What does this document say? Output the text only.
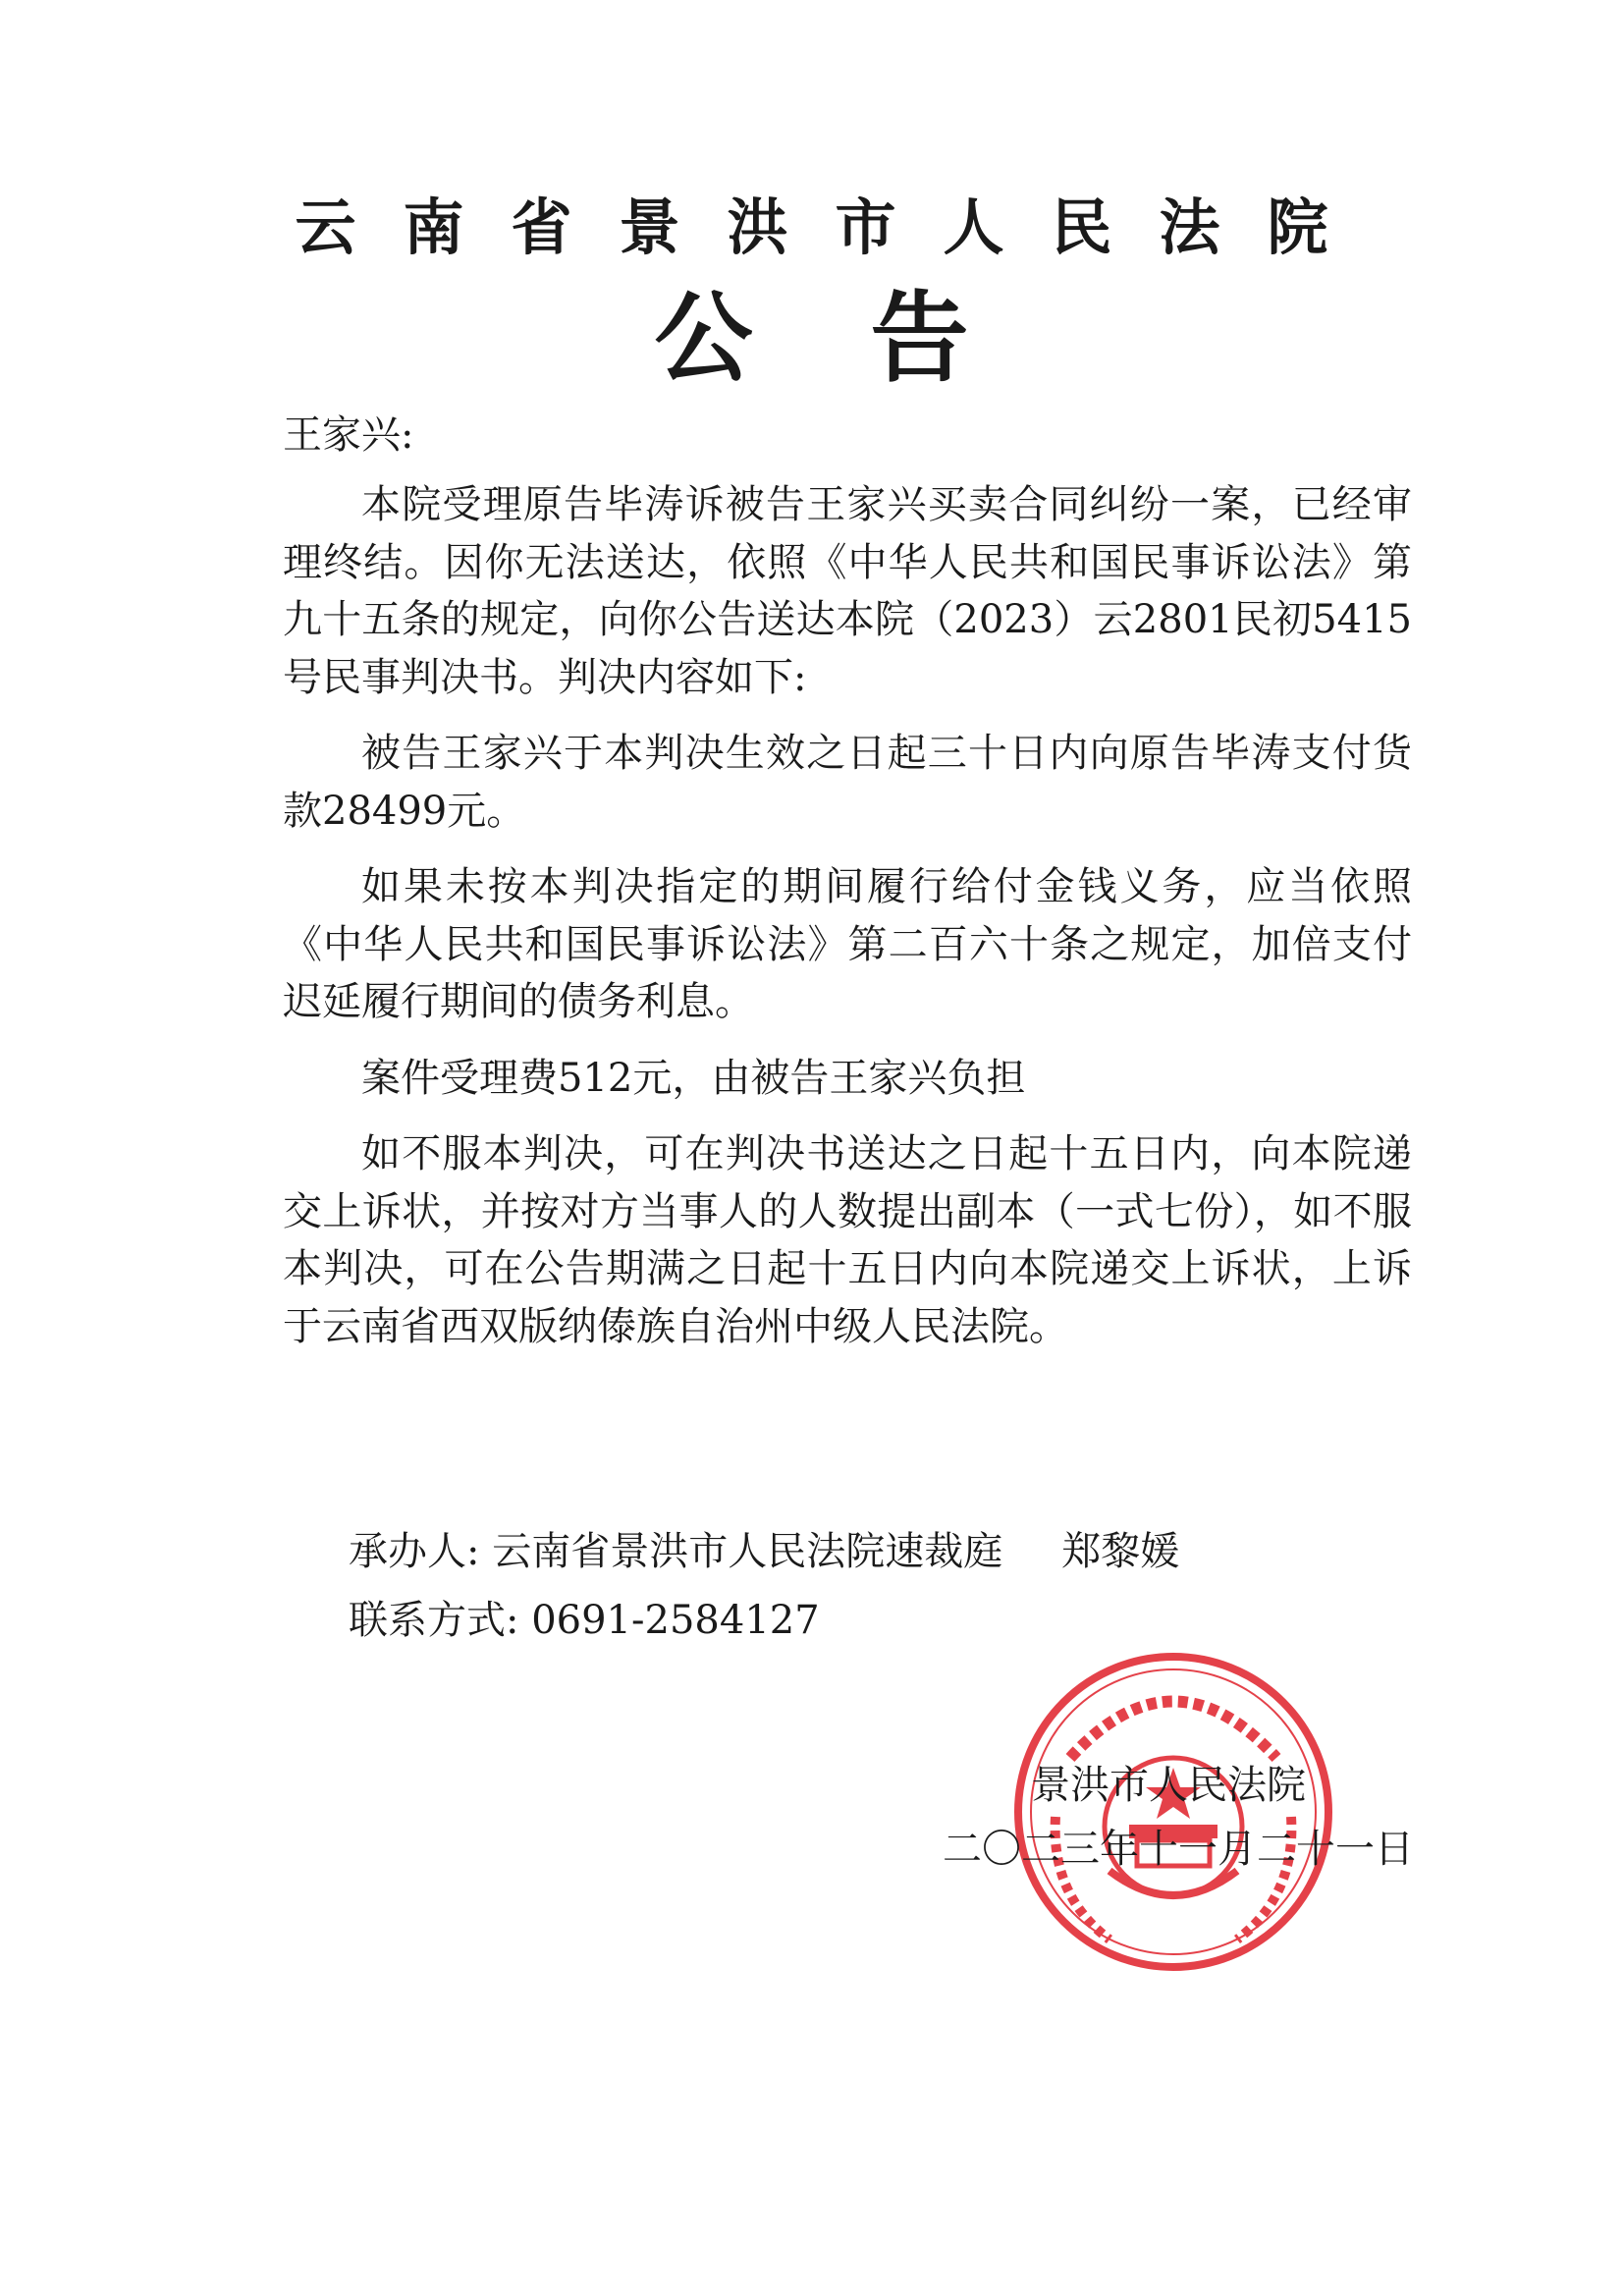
云南省景洪市人民法院
公告
王家兴:

本院受理原告毕涛诉被告王家兴买卖合同纠纷一案，已经审理终结。因你无法送达，依照《中华人民共和国民事诉讼法》第九十五条的规定，向你公告送达本院（2023）云2801民初5415号民事判决书。判决内容如下:

被告王家兴于本判决生效之日起三十日内向原告毕涛支付货款28499元。

如果未按本判决指定的期间履行给付金钱义务，应当依照《中华人民共和国民事诉讼法》第二百六十条之规定，加倍支付迟延履行期间的债务利息。

案件受理费512元，由被告王家兴负担

如不服本判决，可在判决书送达之日起十五日内，向本院递交上诉状，并按对方当事人的人数提出副本（一式七份），如不服本判决，可在公告期满之日起十五日内向本院递交上诉状，上诉于云南省西双版纳傣族自治州中级人民法院。

承办人: 云南省景洪市人民法院速裁庭 郑黎媛
联系方式: 0691-2584127
景洪市人民法院
二〇二三年十一月二十一日
